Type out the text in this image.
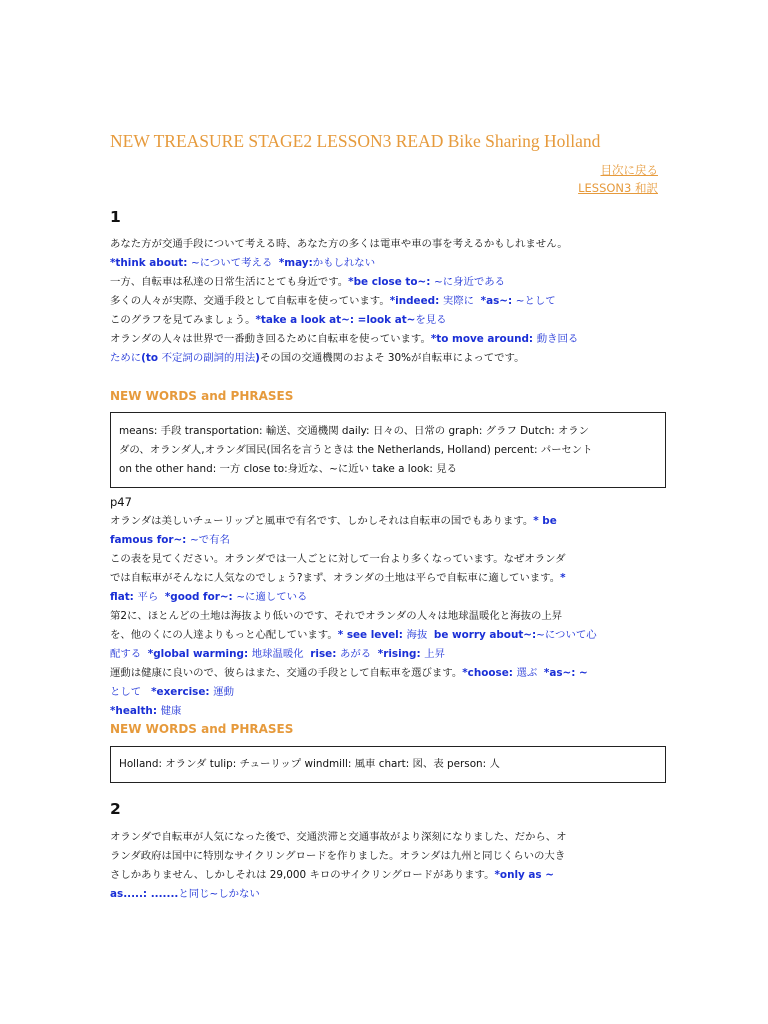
NEW TREASURE STAGE2 LESSON3 READ Bike Sharing Holland
目次に戻る
LESSON3 和訳
1
あなた方が交通手段について考える時、あなた方の多くは電車や車の事を考えるかもしれません。
*think about: ~について考える *may:かもしれない
一方、自転車は私達の日常生活にとても身近です。*be close to~: ~に身近である
多くの人々が実際、交通手段として自転車を使っています。*indeed: 実際に *as~: ~として
このグラフを見てみましょう。*take a look at~: =look at~を見る
オランダの人々は世界で一番動き回るために自転車を使っています。*to move around: 動き回る
ために(to 不定詞の副詞的用法)その国の交通機関のおよそ 30%が自転車によってです。
NEW WORDS and PHRASES
means: 手段 transportation: 輸送、交通機関 daily: 日々の、日常の graph: グラフ Dutch: オラン
ダの、オランダ人,オランダ国民(国名を言うときは the Netherlands, Holland) percent: パーセント
on the other hand: 一方 close to:身近な、~に近い take a look: 見る
p47
オランダは美しいチューリップと風車で有名です、しかしそれは自転車の国でもあります。* be
famous for~: ~で有名
この表を見てください。オランダでは一人ごとに対して一台より多くなっています。なぜオランダ
では自転車がそんなに人気なのでしょう?まず、オランダの土地は平らで自転車に適しています。*
flat: 平ら *good for~: ~に適している
第2に、ほとんどの土地は海抜より低いのです、それでオランダの人々は地球温暖化と海抜の上昇
を、他のくにの人達よりもっと心配しています。* see level: 海抜 be worry about~:~について心
配する *global warming: 地球温暖化 rise: あがる *rising: 上昇
運動は健康に良いので、彼らはまた、交通の手段として自転車を選びます。*choose: 選ぶ *as~: ~
として *exercise: 運動
*health: 健康
NEW WORDS and PHRASES
Holland: オランダ tulip: チューリップ windmill: 風車 chart: 図、表 person: 人
2
オランダで自転車が人気になった後で、交通渋滞と交通事故がより深刻になりました、だから、オ
ランダ政府は国中に特別なサイクリングロードを作りました。オランダは九州と同じくらいの大き
さしかありません、しかしそれは 29,000 キロのサイクリングロードがあります。*only as ~
as.....: .......と同じ~しかない
